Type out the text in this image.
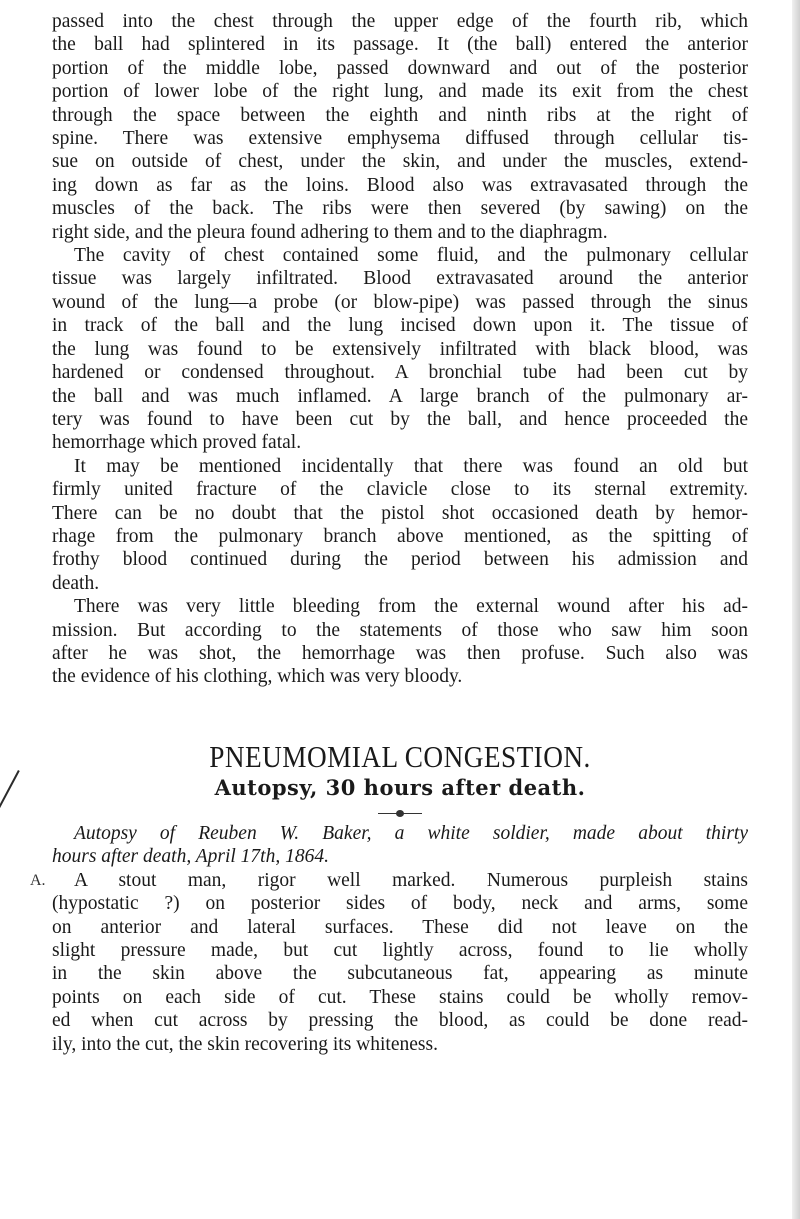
passed into the chest through the upper edge of the fourth rib, which

the ball had splintered in its passage. It (the ball) entered the anterior

portion of the middle lobe, passed downward and out of the posterior

portion of lower lobe of the right lung, and made its exit from the chest

through the space between the eighth and ninth ribs at the right of

spine. There was extensive emphysema diffused through cellular tis-

sue on outside of chest, under the skin, and under the muscles, extend-

ing down as far as the loins. Blood also was extravasated through the

muscles of the back. The ribs were then severed (by sawing) on the

right side, and the pleura found adhering to them and to the diaphragm.

The cavity of chest contained some fluid, and the pulmonary cellular

tissue was largely infiltrated. Blood extravasated around the anterior

wound of the lung—a probe (or blow-pipe) was passed through the sinus

in track of the ball and the lung incised down upon it. The tissue of

the lung was found to be extensively infiltrated with black blood, was

hardened or condensed throughout. A bronchial tube had been cut by

the ball and was much inflamed. A large branch of the pulmonary ar-

tery was found to have been cut by the ball, and hence proceeded the

hemorrhage which proved fatal.

It may be mentioned incidentally that there was found an old but

firmly united fracture of the clavicle close to its sternal extremity.

There can be no doubt that the pistol shot occasioned death by hemor-

rhage from the pulmonary branch above mentioned, as the spitting of

frothy blood continued during the period between his admission and

death.

There was very little bleeding from the external wound after his ad-

mission. But according to the statements of those who saw him soon

after he was shot, the hemorrhage was then profuse. Such also was

the evidence of his clothing, which was very bloody.

PNEUMOMIAL CONGESTION.
Autopsy, 30 hours after death.
A.

Autopsy of Reuben W. Baker, a white soldier, made about thirty

hours after death, April 17th, 1864.

A stout man, rigor well marked. Numerous purpleish stains

(hypostatic ?) on posterior sides of body, neck and arms, some

on anterior and lateral surfaces. These did not leave on the

slight pressure made, but cut lightly across, found to lie wholly

in the skin above the subcutaneous fat, appearing as minute

points on each side of cut. These stains could be wholly remov-

ed when cut across by pressing the blood, as could be done read-

ily, into the cut, the skin recovering its whiteness.
